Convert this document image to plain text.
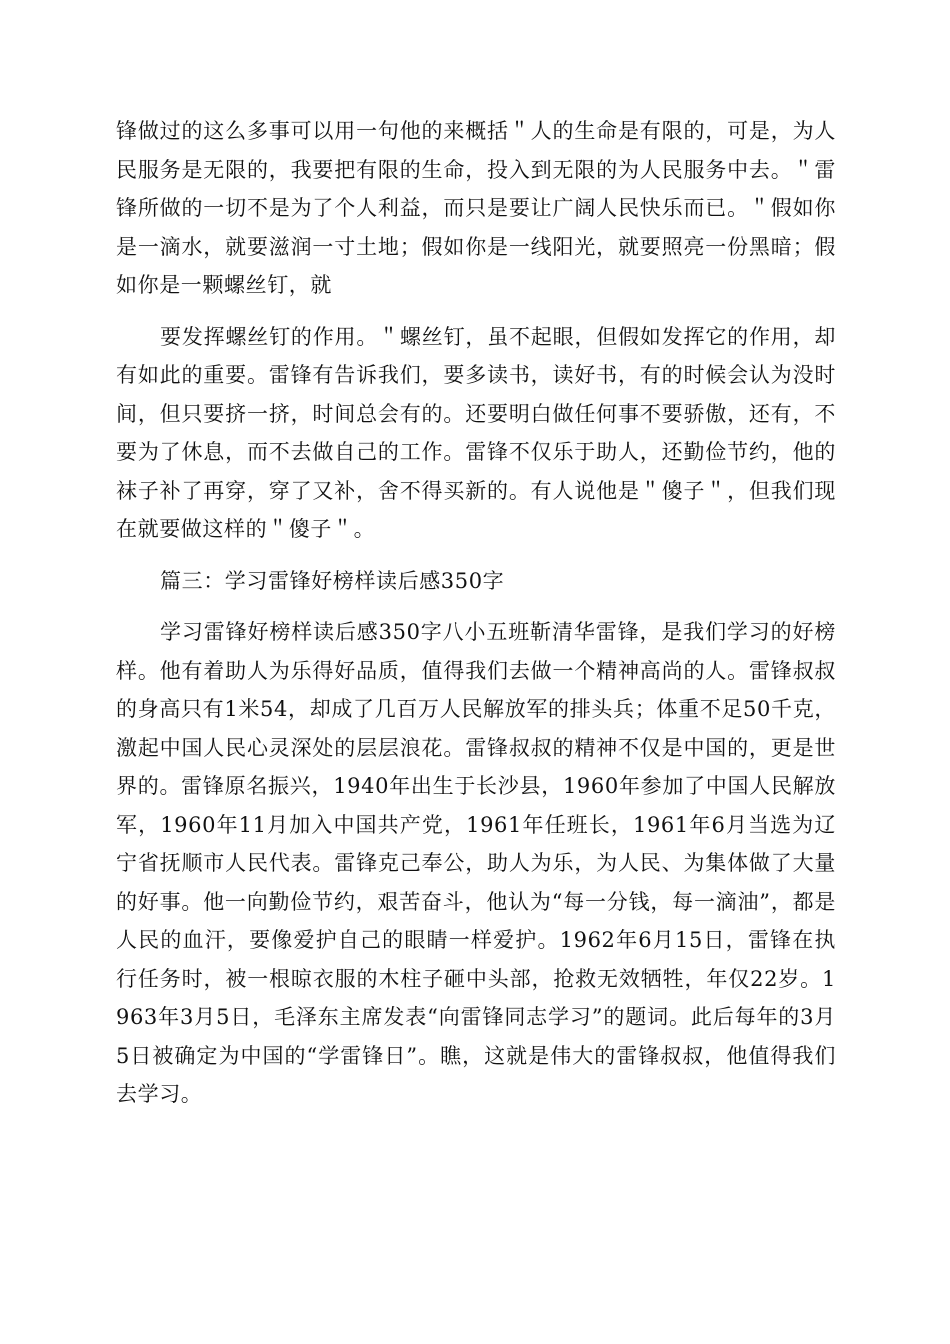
锋做过的这么多事可以用一句他的来概括＂人的生命是有限的，可是，为人民服务是无限的，我要把有限的生命，投入到无限的为人民服务中去。＂雷锋所做的一切不是为了个人利益，而只是要让广阔人民快乐而已。＂假如你是一滴水，就要滋润一寸土地；假如你是一线阳光，就要照亮一份黑暗；假如你是一颗螺丝钉，就

要发挥螺丝钉的作用。＂螺丝钉，虽不起眼，但假如发挥它的作用，却有如此的重要。雷锋有告诉我们，要多读书，读好书，有的时候会认为没时间，但只要挤一挤，时间总会有的。还要明白做任何事不要骄傲，还有，不要为了休息，而不去做自己的工作。雷锋不仅乐于助人，还勤俭节约，他的袜子补了再穿，穿了又补，舍不得买新的。有人说他是＂傻子＂，但我们现在就要做这样的＂傻子＂。

篇三：学习雷锋好榜样读后感350字

学习雷锋好榜样读后感350字八小五班靳清华雷锋，是我们学习的好榜样。他有着助人为乐得好品质，值得我们去做一个精神高尚的人。雷锋叔叔的身高只有1米54，却成了几百万人民解放军的排头兵；体重不足50千克，激起中国人民心灵深处的层层浪花。雷锋叔叔的精神不仅是中国的，更是世界的。雷锋原名振兴，1940年出生于长沙县，1960年参加了中国人民解放军，1960年11月加入中国共产党，1961年任班长，1961年6月当选为辽宁省抚顺市人民代表。雷锋克己奉公，助人为乐，为人民、为集体做了大量的好事。他一向勤俭节约，艰苦奋斗，他认为“每一分钱，每一滴油”，都是人民的血汗，要像爱护自己的眼睛一样爱护。1962年6月15日，雷锋在执行任务时，被一根晾衣服的木柱子砸中头部，抢救无效牺牲，年仅22岁。1963年3月5日，毛泽东主席发表“向雷锋同志学习”的题词。此后每年的3月5日被确定为中国的“学雷锋日”。瞧，这就是伟大的雷锋叔叔，他值得我们去学习。
